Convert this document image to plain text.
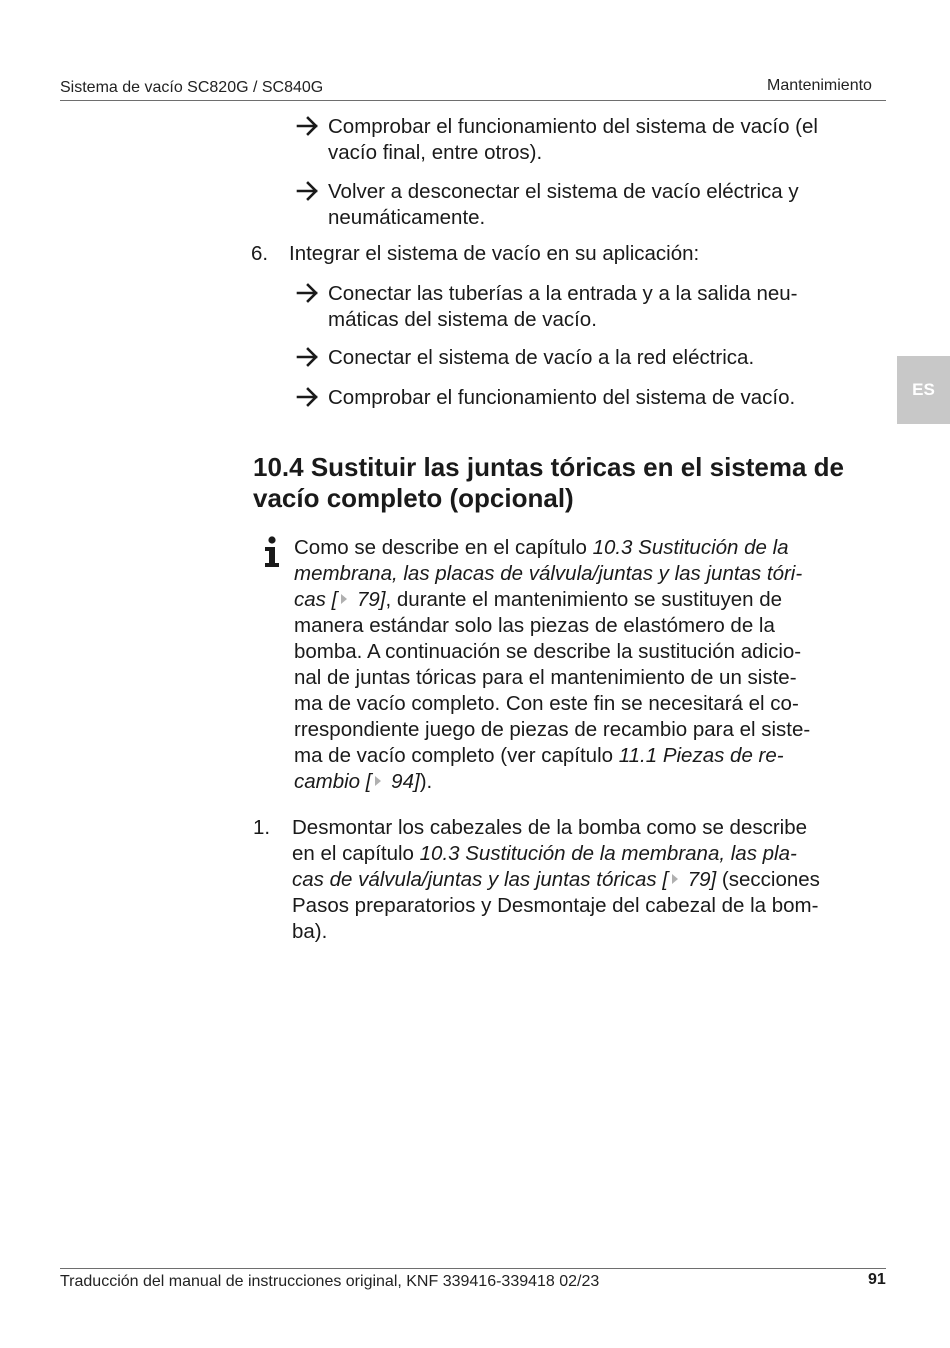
Sistema de vacío SC820G / SC840G	Mantenimiento
ES
Comprobar el funcionamiento del sistema de vacío (el
vacío final, entre otros).
Volver a desconectar el sistema de vacío eléctrica y
neumáticamente.
6. Integrar el sistema de vacío en su aplicación:
Conectar las tuberías a la entrada y a la salida neu-
máticas del sistema de vacío.
Conectar el sistema de vacío a la red eléctrica.
Comprobar el funcionamiento del sistema de vacío.
10.4 Sustituir las juntas tóricas en el sistema de
vacío completo (opcional)
Como se describe en el capítulo 10.3 Sustitución de la
membrana, las placas de válvula/juntas y las juntas tóri-
cas [ 79], durante el mantenimiento se sustituyen de
manera estándar solo las piezas de elastómero de la
bomba. A continuación se describe la sustitución adicio-
nal de juntas tóricas para el mantenimiento de un siste-
ma de vacío completo. Con este fin se necesitará el co-
rrespondiente juego de piezas de recambio para el siste-
ma de vacío completo (ver capítulo 11.1 Piezas de re-
cambio [ 94]).
1. Desmontar los cabezales de la bomba como se describe
en el capítulo 10.3 Sustitución de la membrana, las pla-
cas de válvula/juntas y las juntas tóricas [ 79] (secciones
Pasos preparatorios y Desmontaje del cabezal de la bom-
ba).
Traducción del manual de instrucciones original, KNF 339416-339418 02/23	91
